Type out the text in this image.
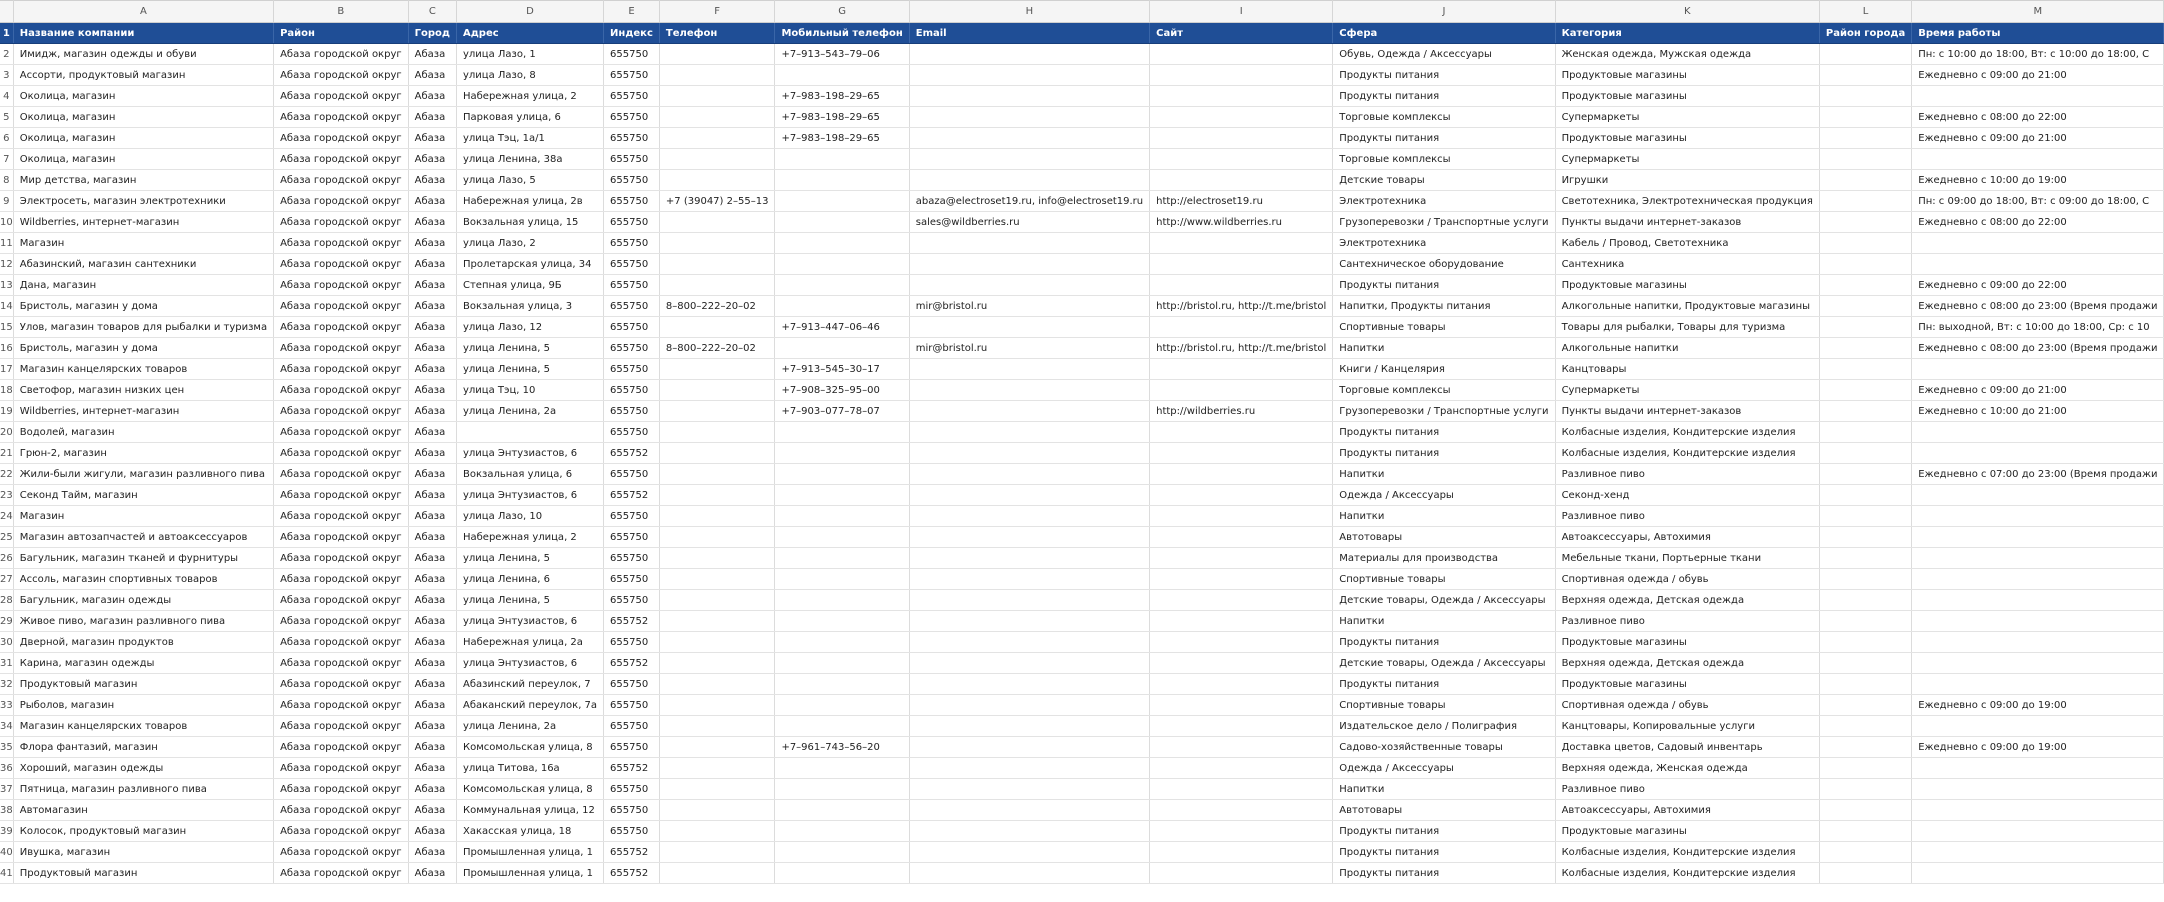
	A	B	C	D	E	F	G	H	I	J	K	L	M
1	Название компании	Район	Город	Адрес	Индекс	Телефон	Мобильный телефон	Email	Сайт	Сфера	Категория	Район города	Время работы
2	Имидж, магазин одежды и обуви	Абаза городской округ	Абаза	улица Лазо, 1	655750		+7–913–543–79–06			Обувь, Одежда / Аксессуары	Женская одежда, Мужская одежда		Пн: с 10:00 до 18:00, Вт: с 10:00 до 18:00, С
3	Ассорти, продуктовый магазин	Абаза городской округ	Абаза	улица Лазо, 8	655750					Продукты питания	Продуктовые магазины		Ежедневно с 09:00 до 21:00
4	Околица, магазин	Абаза городской округ	Абаза	Набережная улица, 2	655750		+7–983–198–29–65			Продукты питания	Продуктовые магазины		
5	Околица, магазин	Абаза городской округ	Абаза	Парковая улица, 6	655750		+7–983–198–29–65			Торговые комплексы	Супермаркеты		Ежедневно с 08:00 до 22:00
6	Околица, магазин	Абаза городской округ	Абаза	улица Тэц, 1а/1	655750		+7–983–198–29–65			Продукты питания	Продуктовые магазины		Ежедневно с 09:00 до 21:00
7	Околица, магазин	Абаза городской округ	Абаза	улица Ленина, 38а	655750					Торговые комплексы	Супермаркеты		
8	Мир детства, магазин	Абаза городской округ	Абаза	улица Лазо, 5	655750					Детские товары	Игрушки		Ежедневно с 10:00 до 19:00
9	Электросеть, магазин электротехники	Абаза городской округ	Абаза	Набережная улица, 2в	655750	+7 (39047) 2–55–13		abaza@electroset19.ru, info@electroset19.ru	http://electroset19.ru	Электротехника	Светотехника, Электротехническая продукция		Пн: с 09:00 до 18:00, Вт: с 09:00 до 18:00, С
10	Wildberries, интернет-магазин	Абаза городской округ	Абаза	Вокзальная улица, 15	655750			sales@wildberries.ru	http://www.wildberries.ru	Грузоперевозки / Транспортные услуги	Пункты выдачи интернет-заказов		Ежедневно с 08:00 до 22:00
11	Магазин	Абаза городской округ	Абаза	улица Лазо, 2	655750					Электротехника	Кабель / Провод, Светотехника		
12	Абазинский, магазин сантехники	Абаза городской округ	Абаза	Пролетарская улица, 34	655750					Сантехническое оборудование	Сантехника		
13	Дана, магазин	Абаза городской округ	Абаза	Степная улица, 9Б	655750					Продукты питания	Продуктовые магазины		Ежедневно с 09:00 до 22:00
14	Бристоль, магазин у дома	Абаза городской округ	Абаза	Вокзальная улица, 3	655750	8–800–222–20–02		mir@bristol.ru	http://bristol.ru, http://t.me/bristol	Напитки, Продукты питания	Алкогольные напитки, Продуктовые магазины		Ежедневно с 08:00 до 23:00 (Время продажи
15	Улов, магазин товаров для рыбалки и туризма	Абаза городской округ	Абаза	улица Лазо, 12	655750		+7–913–447–06–46			Спортивные товары	Товары для рыбалки, Товары для туризма		Пн: выходной, Вт: с 10:00 до 18:00, Ср: с 10
16	Бристоль, магазин у дома	Абаза городской округ	Абаза	улица Ленина, 5	655750	8–800–222–20–02		mir@bristol.ru	http://bristol.ru, http://t.me/bristol	Напитки	Алкогольные напитки		Ежедневно с 08:00 до 23:00 (Время продажи
17	Магазин канцелярских товаров	Абаза городской округ	Абаза	улица Ленина, 5	655750		+7–913–545–30–17			Книги / Канцелярия	Канцтовары		
18	Светофор, магазин низких цен	Абаза городской округ	Абаза	улица Тэц, 10	655750		+7–908–325–95–00			Торговые комплексы	Супермаркеты		Ежедневно с 09:00 до 21:00
19	Wildberries, интернет-магазин	Абаза городской округ	Абаза	улица Ленина, 2а	655750		+7–903–077–78–07		http://wildberries.ru	Грузоперевозки / Транспортные услуги	Пункты выдачи интернет-заказов		Ежедневно с 10:00 до 21:00
20	Водолей, магазин	Абаза городской округ	Абаза		655750					Продукты питания	Колбасные изделия, Кондитерские изделия		
21	Грюн-2, магазин	Абаза городской округ	Абаза	улица Энтузиастов, 6	655752					Продукты питания	Колбасные изделия, Кондитерские изделия		
22	Жили-были жигули, магазин разливного пива	Абаза городской округ	Абаза	Вокзальная улица, 6	655750					Напитки	Разливное пиво		Ежедневно с 07:00 до 23:00 (Время продажи
23	Секонд Тайм, магазин	Абаза городской округ	Абаза	улица Энтузиастов, 6	655752					Одежда / Аксессуары	Секонд-хенд		
24	Магазин	Абаза городской округ	Абаза	улица Лазо, 10	655750					Напитки	Разливное пиво		
25	Магазин автозапчастей и автоаксессуаров	Абаза городской округ	Абаза	Набережная улица, 2	655750					Автотовары	Автоаксессуары, Автохимия		
26	Багульник, магазин тканей и фурнитуры	Абаза городской округ	Абаза	улица Ленина, 5	655750					Материалы для производства	Мебельные ткани, Портьерные ткани		
27	Ассоль, магазин спортивных товаров	Абаза городской округ	Абаза	улица Ленина, 6	655750					Спортивные товары	Спортивная одежда / обувь		
28	Багульник, магазин одежды	Абаза городской округ	Абаза	улица Ленина, 5	655750					Детские товары, Одежда / Аксессуары	Верхняя одежда, Детская одежда		
29	Живое пиво, магазин разливного пива	Абаза городской округ	Абаза	улица Энтузиастов, 6	655752					Напитки	Разливное пиво		
30	Дверной, магазин продуктов	Абаза городской округ	Абаза	Набережная улица, 2а	655750					Продукты питания	Продуктовые магазины		
31	Карина, магазин одежды	Абаза городской округ	Абаза	улица Энтузиастов, 6	655752					Детские товары, Одежда / Аксессуары	Верхняя одежда, Детская одежда		
32	Продуктовый магазин	Абаза городской округ	Абаза	Абазинский переулок, 7	655750					Продукты питания	Продуктовые магазины		
33	Рыболов, магазин	Абаза городской округ	Абаза	Абаканский переулок, 7а	655750					Спортивные товары	Спортивная одежда / обувь		Ежедневно с 09:00 до 19:00
34	Магазин канцелярских товаров	Абаза городской округ	Абаза	улица Ленина, 2а	655750					Издательское дело / Полиграфия	Канцтовары, Копировальные услуги		
35	Флора фантазий, магазин	Абаза городской округ	Абаза	Комсомольская улица, 8	655750		+7–961–743–56–20			Садово-хозяйственные товары	Доставка цветов, Садовый инвентарь		Ежедневно с 09:00 до 19:00
36	Хороший, магазин одежды	Абаза городской округ	Абаза	улица Титова, 16а	655752					Одежда / Аксессуары	Верхняя одежда, Женская одежда		
37	Пятница, магазин разливного пива	Абаза городской округ	Абаза	Комсомольская улица, 8	655750					Напитки	Разливное пиво		
38	Автомагазин	Абаза городской округ	Абаза	Коммунальная улица, 12	655750					Автотовары	Автоаксессуары, Автохимия		
39	Колосок, продуктовый магазин	Абаза городской округ	Абаза	Хакасская улица, 18	655750					Продукты питания	Продуктовые магазины		
40	Ивушка, магазин	Абаза городской округ	Абаза	Промышленная улица, 1	655752					Продукты питания	Колбасные изделия, Кондитерские изделия		
41	Продуктовый магазин	Абаза городской округ	Абаза	Промышленная улица, 1	655752					Продукты питания	Колбасные изделия, Кондитерские изделия		
